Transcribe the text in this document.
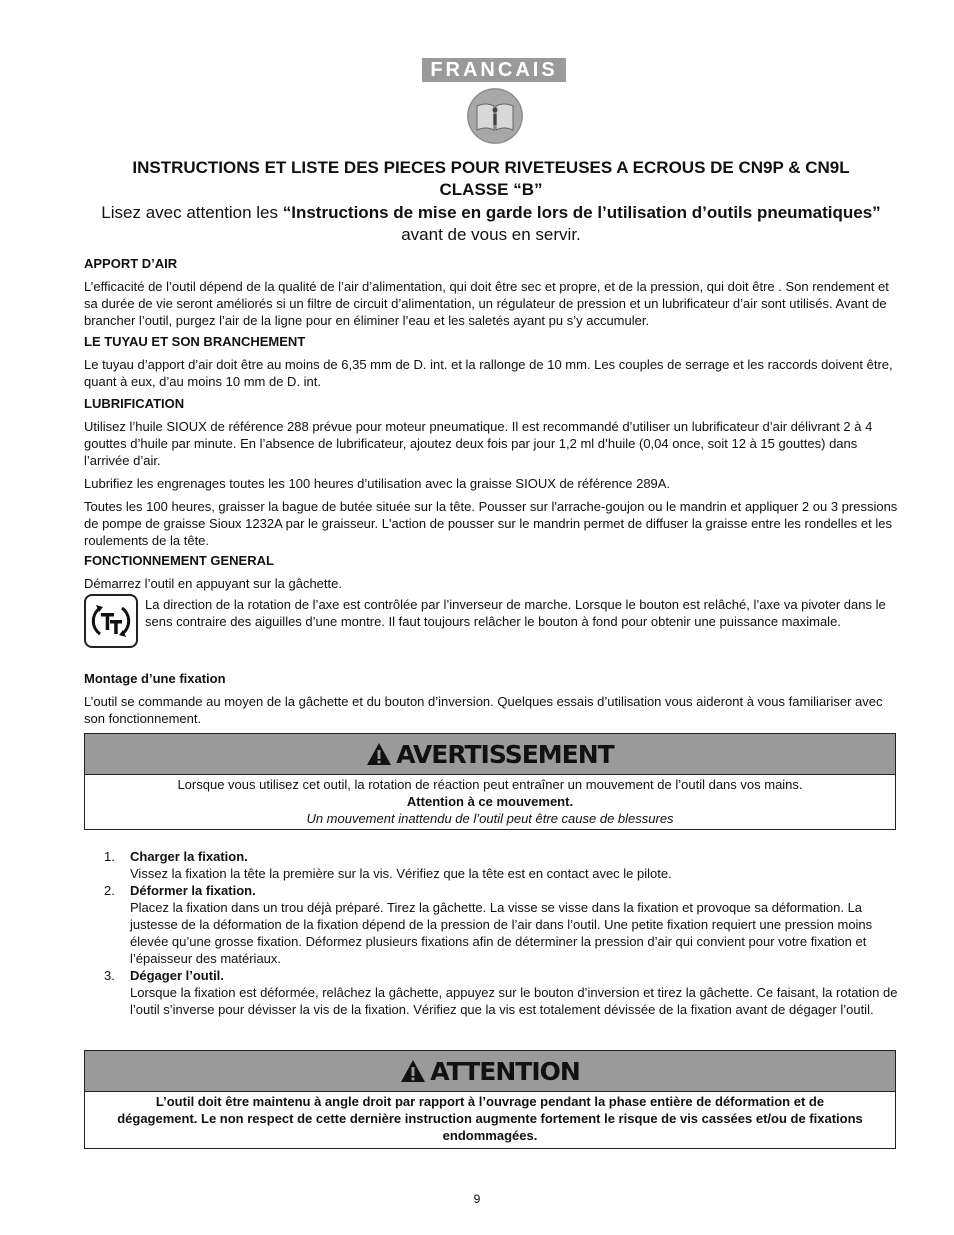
FRANCAIS
INSTRUCTIONS ET LISTE DES PIECES POUR RIVETEUSES A ECROUS DE CN9P & CN9L
CLASSE “B”
Lisez avec attention les “Instructions de mise en garde lors de l’utilisation d’outils pneumatiques” avant de vous en servir.
APPORT D’AIR

L’efficacité de l’outil dépend de la qualité de l’air d’alimentation, qui doit être sec et propre, et de la pression, qui doit être . Son rendement et sa durée de vie seront améliorés si un filtre de circuit d’alimentation, un régulateur de pression et un lubrificateur d’air sont utilisés. Avant de brancher l’outil, purgez l’air de la ligne pour en éliminer l’eau et les saletés ayant pu s’y accumuler.

LE TUYAU ET SON BRANCHEMENT

Le tuyau d’apport d’air doit être au moins de 6,35 mm de D. int. et la rallonge de 10 mm. Les couples de serrage et les raccords doivent être, quant à eux, d’au moins 10 mm de D. int.

LUBRIFICATION

Utilisez l’huile SIOUX de référence 288 prévue pour moteur pneumatique. Il est recommandé d’utiliser un lubrificateur d’air délivrant 2 à 4 gouttes d’huile par minute. En l’absence de lubrificateur, ajoutez deux fois par jour 1,2 ml d’huile (0,04 once, soit 12 à 15 gouttes) dans l’arrivée d’air.

Lubrifiez les engrenages toutes les 100 heures d’utilisation avec la graisse SIOUX de référence 289A.

Toutes les 100 heures, graisser la bague de butée située sur la tête. Pousser sur l'arrache-goujon ou le mandrin et appliquer 2 ou 3 pressions de pompe de graisse Sioux 1232A par le graisseur. L'action de pousser sur le mandrin permet de diffuser la graisse entre les rondelles et les roulements de la tête.

FONCTIONNEMENT GENERAL

Démarrez l’outil en appuyant sur la gâchette.

La direction de la rotation de l’axe est contrôlée par l’inverseur de marche. Lorsque le bouton est relâché, l’axe va pivoter dans le sens contraire des aiguilles d’une montre. Il faut toujours relâcher le bouton à fond pour obtenir une puissance maximale.

Montage d’une fixation

L’outil se commande au moyen de la gâchette et du bouton d’inversion. Quelques essais d’utilisation vous aideront à vous familiariser avec son fonctionnement.

AVERTISSEMENT
Lorsque vous utilisez cet outil, la rotation de réaction peut entraîner un mouvement de l’outil dans vos mains.
Attention à ce mouvement.
Un mouvement inattendu de l’outil peut être cause de blessures
1. Charger la fixation.
Vissez la fixation la tête la première sur la vis. Vérifiez que la tête est en contact avec le pilote.
2. Déformer la fixation.
Placez la fixation dans un trou déjà préparé. Tirez la gâchette. La visse se visse dans la fixation et provoque sa déformation. La justesse de la déformation de la fixation dépend de la pression de l’air dans l’outil. Une petite fixation requiert une pression moins élevée qu’une grosse fixation. Déformez plusieurs fixations afin de déterminer la pression d’air qui convient pour votre fixation et l’épaisseur des matériaux.
3. Dégager l’outil.
Lorsque la fixation est déformée, relâchez la gâchette, appuyez sur le bouton d’inversion et tirez la gâchette. Ce faisant, la rotation de l’outil s’inverse pour dévisser la vis de la fixation. Vérifiez que la vis est totalement dévissée de la fixation avant de dégager l’outil.
ATTENTION
L’outil doit être maintenu à angle droit par rapport à l’ouvrage pendant la phase entière de déformation et de dégagement. Le non respect de cette dernière instruction augmente fortement le risque de vis cassées et/ou de fixations endommagées.
9
